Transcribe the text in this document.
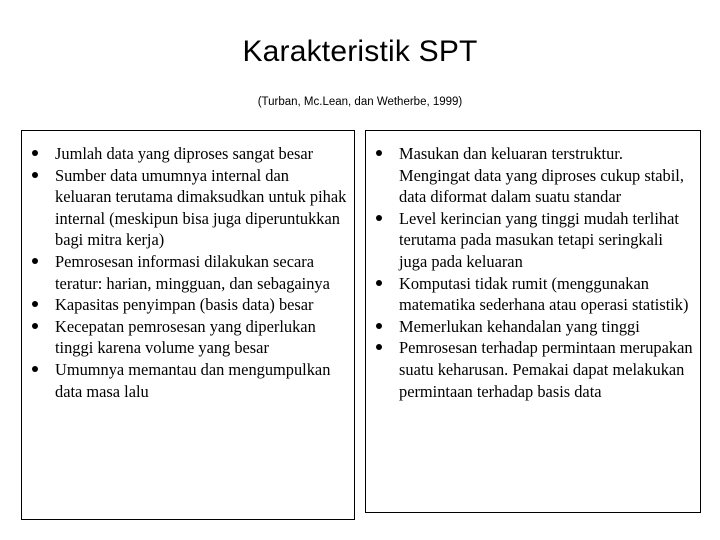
Karakteristik SPT
(Turban, Mc.Lean, dan Wetherbe, 1999)
Jumlah data yang diproses sangat besar
Sumber data umumnya internal dan keluaran terutama dimaksudkan untuk pihak internal (meskipun bisa juga diperuntukkan bagi mitra kerja)
Pemrosesan informasi dilakukan secara teratur: harian, mingguan, dan sebagainya
Kapasitas penyimpan (basis data) besar
Kecepatan pemrosesan yang diperlukan tinggi karena volume yang besar
Umumnya memantau dan mengumpulkan data masa lalu
Masukan dan keluaran terstruktur. Mengingat data yang diproses cukup stabil, data diformat dalam suatu standar
Level kerincian yang tinggi mudah terlihat terutama pada masukan tetapi seringkali juga pada keluaran
Komputasi tidak rumit (menggunakan matematika sederhana atau operasi statistik)
Memerlukan kehandalan yang tinggi
Pemrosesan terhadap permintaan merupakan suatu keharusan. Pemakai dapat melakukan permintaan terhadap basis data
